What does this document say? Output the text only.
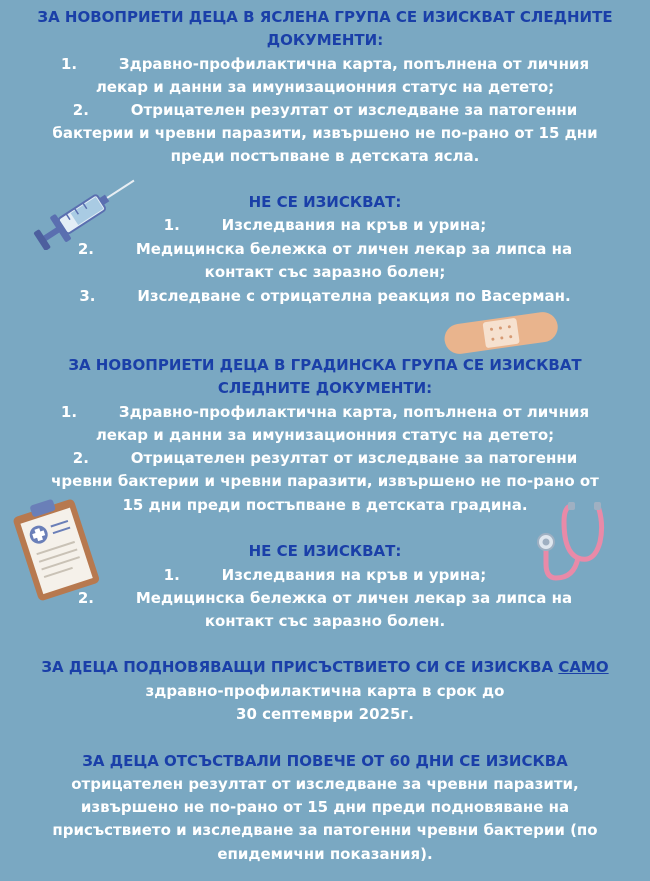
ЗА НОВОПРИЕТИ ДЕЦА В ЯСЛЕНА ГРУПА СЕ ИЗИСКВАТ СЛЕДНИТЕ
ДОКУМЕНТИ:
1.	Здравно-профилактична карта, попълнена от личния
лекар и данни за имунизационния статус на детето;
2.	Отрицателен резултат от изследване за патогенни
бактерии и чревни паразити, извършено не по-рано от 15 дни
преди постъпване в детската ясла.
НЕ СЕ ИЗИСКВАТ:
1.	Изследвания на кръв и урина;
2.	Медицинска бележка от личен лекар за липса на
контакт със заразно болен;
3.	Изследване с отрицателна реакция по Васерман.
ЗА НОВОПРИЕТИ ДЕЦА В ГРАДИНСКА ГРУПА СЕ ИЗИСКВАТ
СЛЕДНИТЕ ДОКУМЕНТИ:
1.	Здравно-профилактична карта, попълнена от личния
лекар и данни за имунизационния статус на детето;
2.	Отрицателен резултат от изследване за патогенни
чревни бактерии и чревни паразити, извършено не по-рано от
15 дни преди постъпване в детската градина.
НЕ СЕ ИЗИСКВАТ:
1.	Изследвания на кръв и урина;
2.	Медицинска бележка от личен лекар за липса на
контакт със заразно болен.
ЗА ДЕЦА ПОДНОВЯВАЩИ ПРИСЪСТВИЕТО СИ СЕ ИЗИСКВА САМО
здравно-профилактична карта в срок до
30 септември 2025г.
ЗА ДЕЦА ОТСЪСТВАЛИ ПОВЕЧЕ ОТ 60 ДНИ СЕ ИЗИСКВА
отрицателен резултат от изследване за чревни паразити,
извършено не по-рано от 15 дни преди подновяване на
присъствието и изследване за патогенни чревни бактерии (по
епидемични показания).
